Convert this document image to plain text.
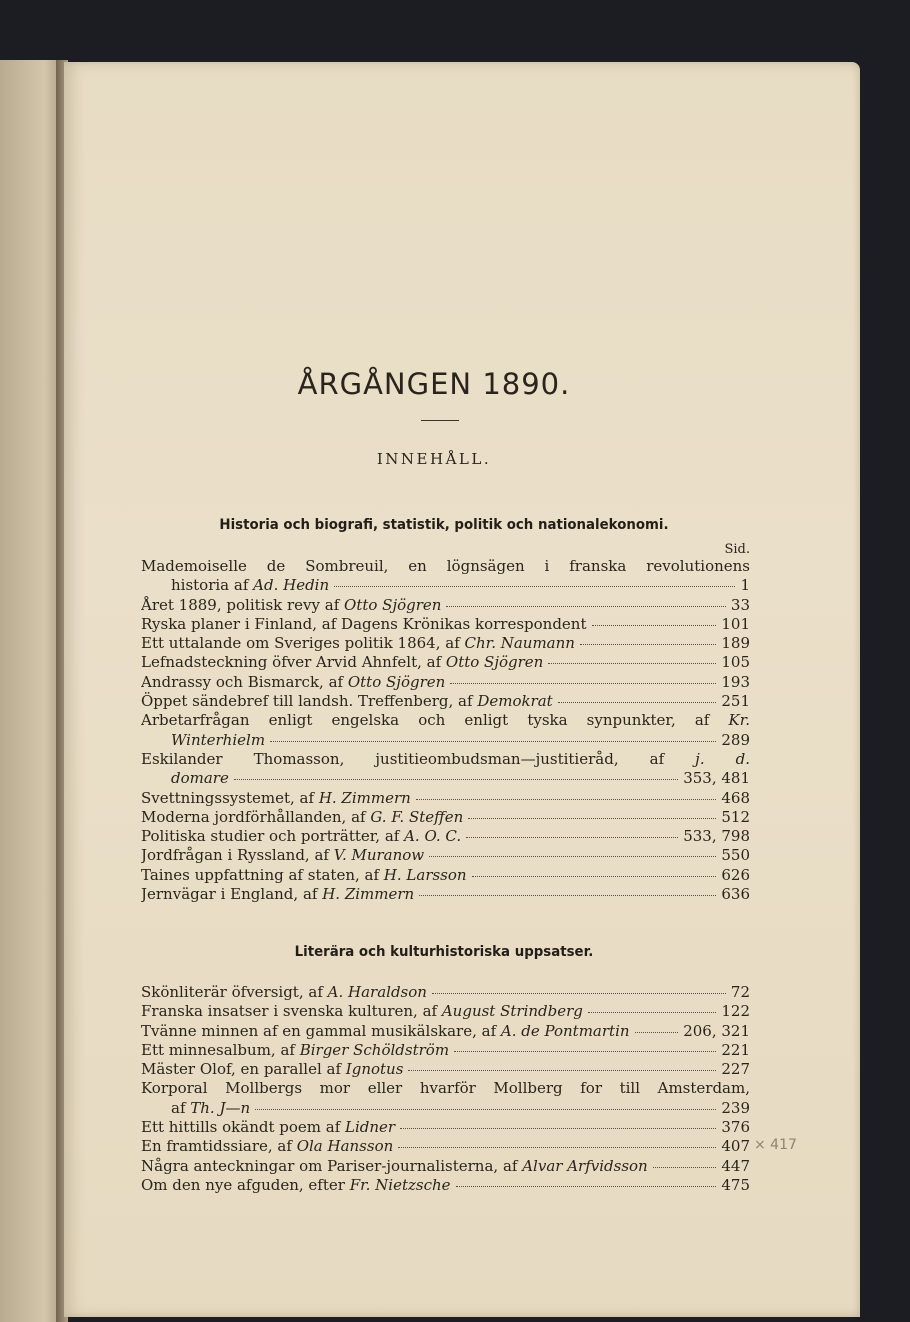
ÅRGÅNGEN 1890.
INNEHÅLL.
Historia och biografi, statistik, politik och nationalekonomi.
Sid.
Mademoiselle de Sombreuil, en lögnsägen i franska revolutionens
historia af Ad. Hedin	1
Året 1889, politisk revy af Otto Sjögren	33
Ryska planer i Finland, af Dagens Krönikas korrespondent	101
Ett uttalande om Sveriges politik 1864, af Chr. Naumann	189
Lefnadsteckning öfver Arvid Ahnfelt, af Otto Sjögren	105
Andrassy och Bismarck, af Otto Sjögren	193
Öppet sändebref till landsh. Treffenberg, af Demokrat	251
Arbetarfrågan enligt engelska och enligt tyska synpunkter, af Kr.
Winterhielm	289
Eskilander Thomasson, justitieombudsman—justitieråd, af j. d.
domare	353, 481
Svettningssystemet, af H. Zimmern	468
Moderna jordförhållanden, af G. F. Steffen	512
Politiska studier och porträtter, af A. O. C.	533, 798
Jordfrågan i Ryssland, af V. Muranow	550
Taines uppfattning af staten, af H. Larsson	626
Jernvägar i England, af H. Zimmern	636
Literära och kulturhistoriska uppsatser.
Skönliterär öfversigt, af A. Haraldson	72
Franska insatser i svenska kulturen, af August Strindberg	122
Tvänne minnen af en gammal musikälskare, af A. de Pontmartin	206, 321
Ett minnesalbum, af Birger Schöldström	221
Mäster Olof, en parallel af Ignotus	227
Korporal Mollbergs mor eller hvarför Mollberg for till Amsterdam,
af Th. J—n	239
Ett hittills okändt poem af Lidner	376
En framtidssiare, af Ola Hansson	407
Några anteckningar om Pariser-journalisterna, af Alvar Arfvidsson	447
Om den nye afguden, efter Fr. Nietzsche	475
× 417
